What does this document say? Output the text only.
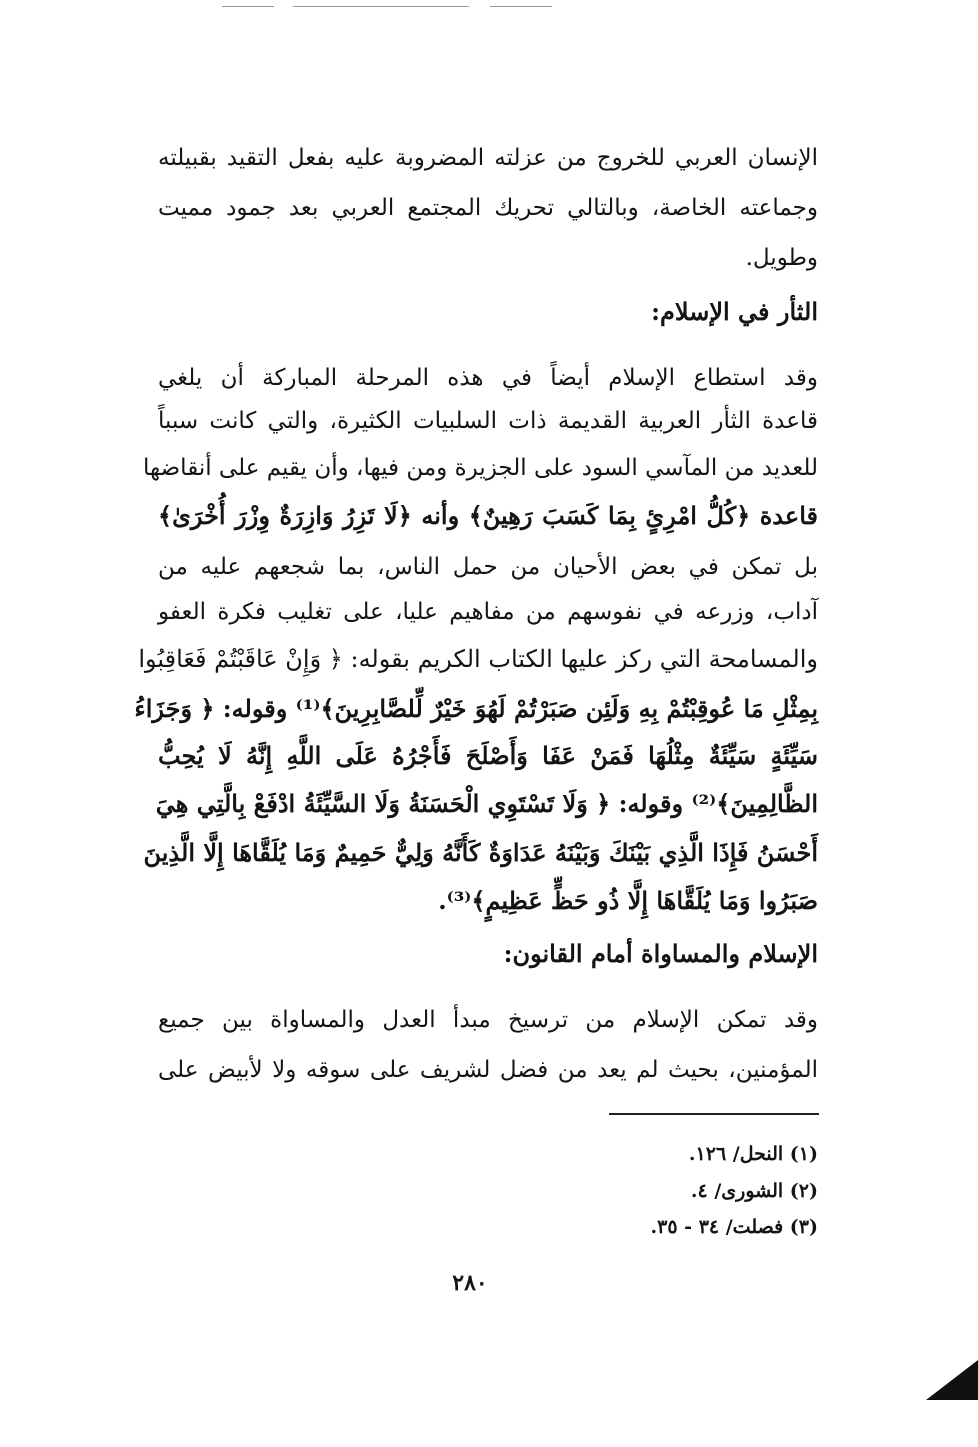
الإنسان العربي للخروج من عزلته المضروبة عليه بفعل التقيد بقبيلته
وجماعته الخاصة، وبالتالي تحريك المجتمع العربي بعد جمود مميت
وطويل.
الثأر في الإسلام:
وقد استطاع الإسلام أيضاً في هذه المرحلة المباركة أن يلغي
قاعدة الثأر العربية القديمة ذات السلبيات الكثيرة، والتي كانت سبباً
للعديد من المآسي السود على الجزيرة ومن فيها، وأن يقيم على أنقاضها
قاعدة ﴿كُلُّ امْرِئٍ بِمَا كَسَبَ رَهِينٌ﴾ وأنه ﴿لَا تَزِرُ وَازِرَةٌ وِزْرَ أُخْرَىٰ﴾
بل تمكن في بعض الأحيان من حمل الناس، بما شجعهم عليه من
آداب، وزرعه في نفوسهم من مفاهيم عليا، على تغليب فكرة العفو
والمسامحة التي ركز عليها الكتاب الكريم بقوله: ﴿ وَإِنْ عَاقَبْتُمْ فَعَاقِبُوا
بِمِثْلِ مَا عُوقِبْتُمْ بِهِ وَلَئِن صَبَرْتُمْ لَهُوَ خَيْرٌ لِّلصَّابِرِينَ﴾⁽¹⁾ وقوله: ﴿ وَجَزَاءُ
سَيِّئَةٍ سَيِّئَةٌ مِثْلُهَا فَمَنْ عَفَا وَأَصْلَحَ فَأَجْرُهُ عَلَى اللَّهِ إِنَّهُ لَا يُحِبُّ
الظَّالِمِينَ﴾⁽²⁾ وقوله: ﴿ وَلَا تَسْتَوِي الْحَسَنَةُ وَلَا السَّيِّئَةُ ادْفَعْ بِالَّتِي هِيَ
أَحْسَنُ فَإِذَا الَّذِي بَيْنَكَ وَبَيْنَهُ عَدَاوَةٌ كَأَنَّهُ وَلِيٌّ حَمِيمٌ وَمَا يُلَقَّاهَا إِلَّا الَّذِينَ
صَبَرُوا وَمَا يُلَقَّاهَا إِلَّا ذُو حَظٍّ عَظِيمٍ﴾⁽³⁾.
الإسلام والمساواة أمام القانون:
وقد تمكن الإسلام من ترسيخ مبدأ العدل والمساواة بين جميع
المؤمنين، بحيث لم يعد من فضل لشريف على سوقه ولا لأبيض على
(١) النحل/ ١٢٦.
(٢) الشورى/ ٤.
(٣) فصلت/ ٣٤ - ٣٥.
٢٨٠
